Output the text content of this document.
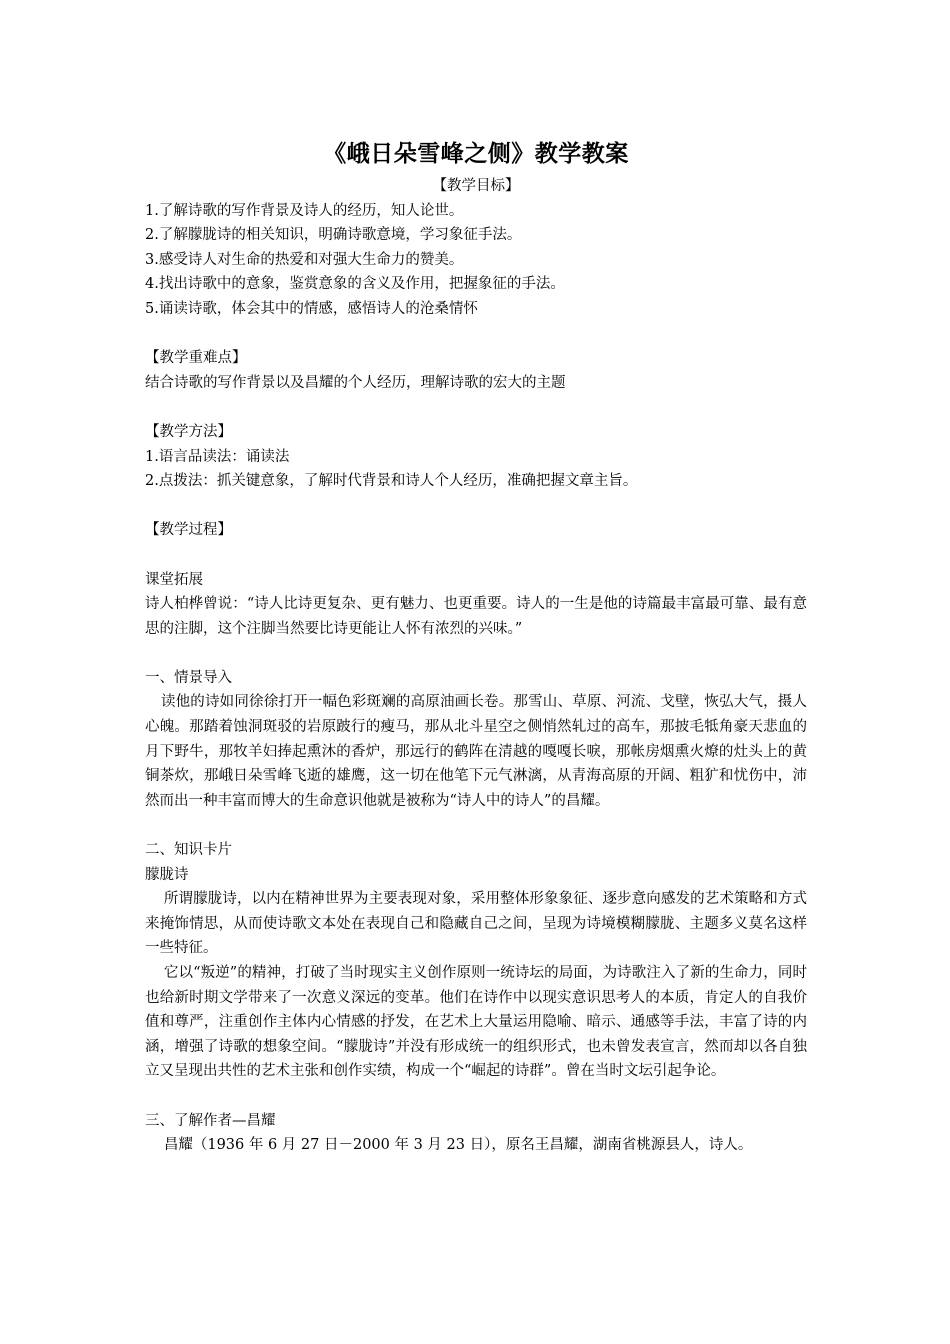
《峨日朵雪峰之侧》教学教案

【教学目标】

1.了解诗歌的写作背景及诗人的经历，知人论世。

2.了解朦胧诗的相关知识，明确诗歌意境，学习象征手法。

3.感受诗人对生命的热爱和对强大生命力的赞美。

4.找出诗歌中的意象，鉴赏意象的含义及作用，把握象征的手法。

5.诵读诗歌，体会其中的情感，感悟诗人的沧桑情怀

【教学重难点】

结合诗歌的写作背景以及昌耀的个人经历，理解诗歌的宏大的主题

【教学方法】

1.语言品读法：诵读法

2.点拨法：抓关键意象，了解时代背景和诗人个人经历，准确把握文章主旨。

【教学过程】

课堂拓展

诗人柏桦曾说：“诗人比诗更复杂、更有魅力、也更重要。诗人的一生是他的诗篇最丰富最可靠、最有意思的注脚，这个注脚当然要比诗更能让人怀有浓烈的兴味。”

一、情景导入

读他的诗如同徐徐打开一幅色彩斑斓的高原油画长卷。那雪山、草原、河流、戈壁，恢弘大气，摄人心魄。那踏着蚀洞斑驳的岩原跛行的瘦马，那从北斗星空之侧悄然轧过的高车，那披毛牴角豪天悲血的月下野牛，那牧羊妇捧起熏沐的香炉，那远行的鹤阵在清越的嘎嘎长唳，那帐房烟熏火燎的灶头上的黄铜茶炊，那峨日朵雪峰飞逝的雄鹰，这一切在他笔下元气淋漓，从青海高原的开阔、粗犷和忧伤中，沛然而出一种丰富而博大的生命意识他就是被称为“诗人中的诗人”的昌耀。

二、知识卡片

朦胧诗

所谓朦胧诗，以内在精神世界为主要表现对象，采用整体形象象征、逐步意向感发的艺术策略和方式来掩饰情思，从而使诗歌文本处在表现自己和隐藏自己之间，呈现为诗境模糊朦胧、主题多义莫名这样一些特征。

它以“叛逆”的精神，打破了当时现实主义创作原则一统诗坛的局面，为诗歌注入了新的生命力，同时也给新时期文学带来了一次意义深远的变革。他们在诗作中以现实意识思考人的本质，肯定人的自我价值和尊严，注重创作主体内心情感的抒发，在艺术上大量运用隐喻、暗示、通感等手法，丰富了诗的内涵，增强了诗歌的想象空间。“朦胧诗”并没有形成统一的组织形式，也未曾发表宣言，然而却以各自独立又呈现出共性的艺术主张和创作实绩，构成一个“崛起的诗群”。曾在当时文坛引起争论。

三、了解作者—昌耀

昌耀（1936 年 6 月 27 日－2000 年 3 月 23 日），原名王昌耀，湖南省桃源县人，诗人。
